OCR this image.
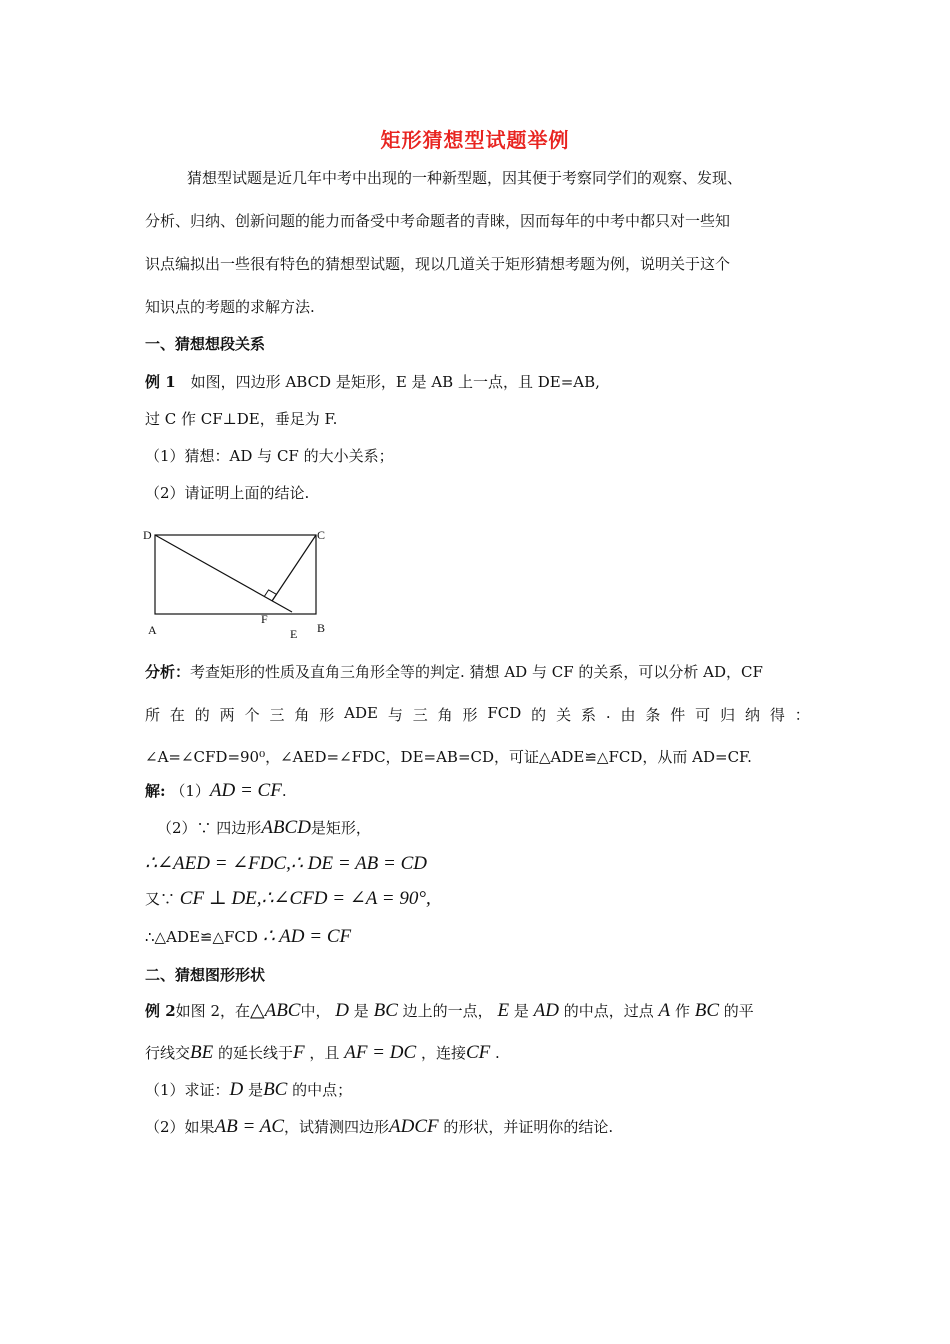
矩形猜想型试题举例
猜想型试题是近几年中考中出现的一种新型题，因其便于考察同学们的观察、发现、
分析、归纳、创新问题的能力而备受中考命题者的青睐，因而每年的中考中都只对一些知
识点编拟出一些很有特色的猜想型试题，现以几道关于矩形猜想考题为例，说明关于这个
知识点的考题的求解方法.
一、猜想想段关系
例 1　如图，四边形 ABCD 是矩形，E 是 AB 上一点，且 DE=AB,
过 C 作 CF⊥DE，垂足为 F.
（1）猜想：AD 与 CF 的大小关系；
（2）请证明上面的结论.
D	C
A
F
E B
分析：考查矩形的性质及直角三角形全等的判定. 猜想 AD 与 CF 的关系，可以分析 AD，CF
所 在 的 两 个 三 角 形 ADE 与 三 角 形 FCD 的 关 系 . 由 条 件 可 归 纳 得 ：
∠A=∠CFD=90⁰，∠AED=∠FDC，DE=AB=CD，可证△ADE≌△FCD，从而 AD=CF.
解: （1）AD = CF.
（2）∵ 四边形ABCD是矩形，
∴∠AED = ∠FDC,∴ DE = AB = CD
又∵ CF ⊥ DE,∴∠CFD = ∠A = 90°,
∴△ADE≌△FCD ∴ AD = CF
二、猜想图形形状
例 2如图 2，在△ABC中， D 是 BC 边上的一点， E 是 AD 的中点，过点 A 作 BC 的平
行线交BE 的延长线于F ，且 AF = DC ，连接CF .
（1）求证：D 是BC 的中点；
（2）如果AB = AC，试猜测四边形ADCF 的形状，并证明你的结论.
